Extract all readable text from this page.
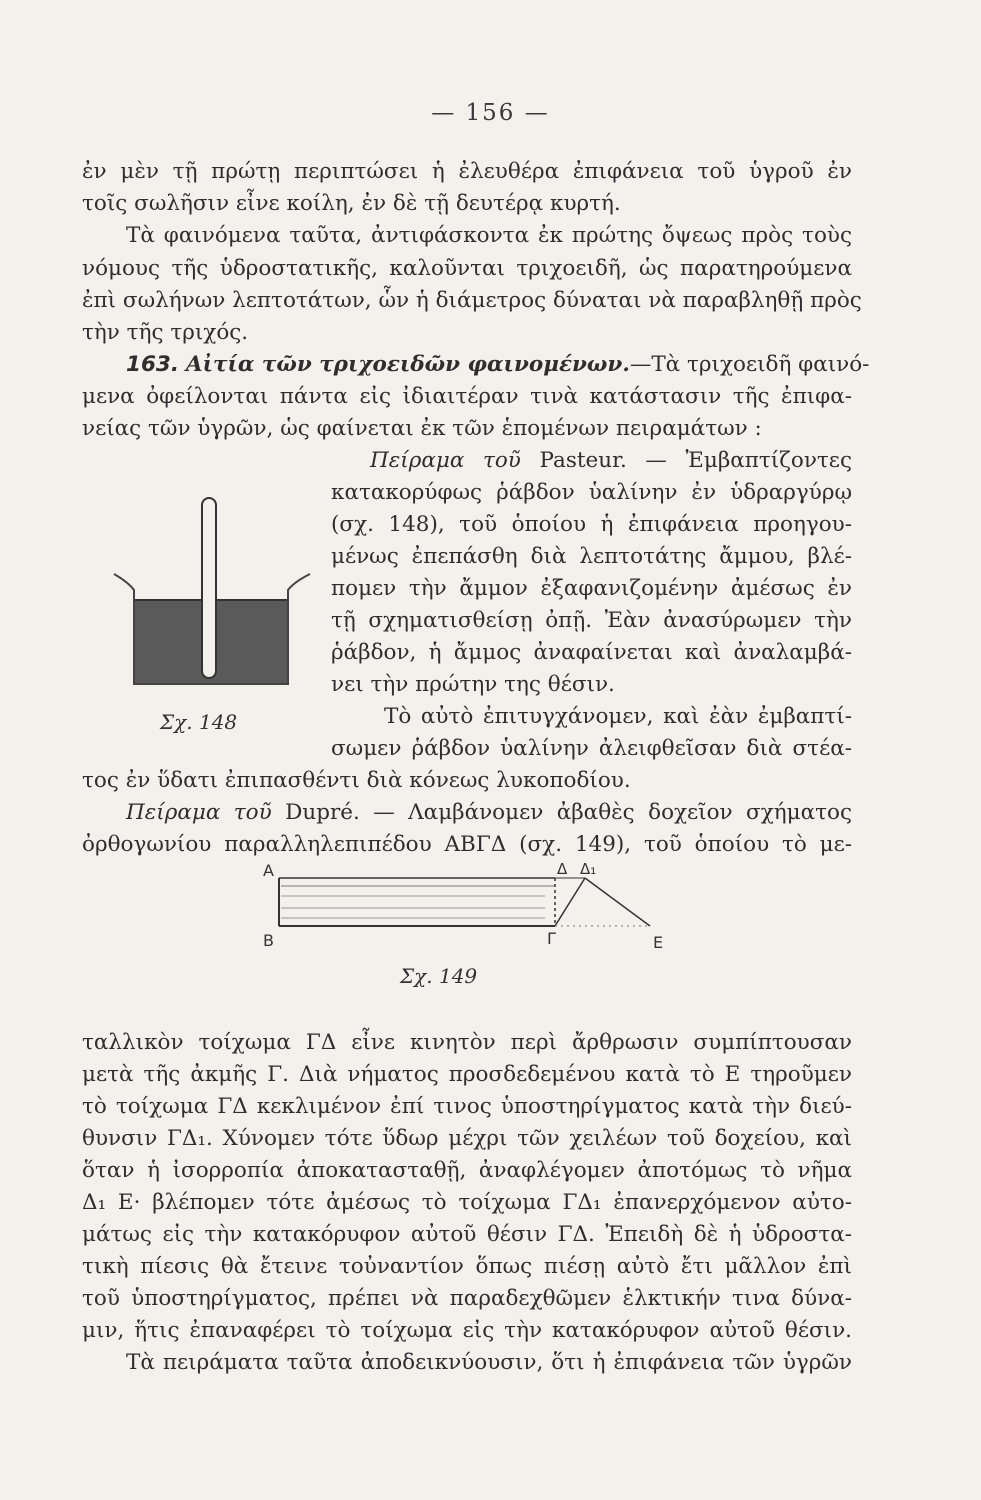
— 156 —
ἐν μὲν τῇ πρώτῃ περιπτώσει ἡ ἐλευθέρα ἐπιφάνεια τοῦ ὑγροῦ ἐν
τοῖς σωλῆσιν εἶνε κοίλη, ἐν δὲ τῇ δευτέρᾳ κυρτή.
Τὰ φαινόμενα ταῦτα, ἀντιφάσκοντα ἐκ πρώτης ὄψεως πρὸς τοὺς
νόμους τῆς ὑδροστατικῆς, καλοῦνται τριχοειδῆ, ὡς παρατηρούμενα
ἐπὶ σωλήνων λεπτοτάτων, ὧν ἡ διάμετρος δύναται νὰ παραβληθῇ πρὸς
τὴν τῆς τριχός.
163. Αἰτία τῶν τριχοειδῶν φαινομένων.—Τὰ τριχοειδῆ φαινό-
μενα ὀφείλονται πάντα εἰς ἰδιαιτέραν τινὰ κατάστασιν τῆς ἐπιφα-
νείας τῶν ὑγρῶν, ὡς φαίνεται ἐκ τῶν ἑπομένων πειραμάτων :
Πείραμα τοῦ Pasteur. — Ἐμβαπτίζοντες
κατακορύφως ῥάβδον ὑαλίνην ἐν ὑδραργύρῳ
(σχ. 148), τοῦ ὁποίου ἡ ἐπιφάνεια προηγου-
μένως ἐπεπάσθη διὰ λεπτοτάτης ἄμμου, βλέ-
πομεν τὴν ἄμμον ἐξαφανιζομένην ἀμέσως ἐν
τῇ σχηματισθείσῃ ὀπῇ. Ἐὰν ἀνασύρωμεν τὴν
ῥάβδον, ἡ ἄμμος ἀναφαίνεται καὶ ἀναλαμβά-
νει τὴν πρώτην της θέσιν.
Τὸ αὐτὸ ἐπιτυγχάνομεν, καὶ ἐὰν ἐμβαπτί-
σωμεν ῥάβδον ὑαλίνην ἀλειφθεῖσαν διὰ στέα-
τος ἐν ὕδατι ἐπιπασθέντι διὰ κόνεως λυκοποδίου.
Σχ. 148
Πείραμα τοῦ Dupré. — Λαμβάνομεν ἀβαθὲς δοχεῖον σχήματος
ὀρθογωνίου παραλληλεπιπέδου ΑΒΓΔ (σχ. 149), τοῦ ὁποίου τὸ με-
A
B	Γ
Δ Δ₁
Ε
Σχ. 149
ταλλικὸν τοίχωμα ΓΔ εἶνε κινητὸν περὶ ἄρθρωσιν συμπίπτουσαν
μετὰ τῆς ἀκμῆς Γ. Διὰ νήματος προσδεδεμένου κατὰ τὸ Ε τηροῦμεν
τὸ τοίχωμα ΓΔ κεκλιμένον ἐπί τινος ὑποστηρίγματος κατὰ τὴν διεύ-
θυνσιν ΓΔ₁. Χύνομεν τότε ὕδωρ μέχρι τῶν χειλέων τοῦ δοχείου, καὶ
ὅταν ἡ ἰσορροπία ἀποκατασταθῇ, ἀναφλέγομεν ἀποτόμως τὸ νῆμα
Δ₁ Ε· βλέπομεν τότε ἀμέσως τὸ τοίχωμα ΓΔ₁ ἐπανερχόμενον αὐτο-
μάτως εἰς τὴν κατακόρυφον αὐτοῦ θέσιν ΓΔ. Ἐπειδὴ δὲ ἡ ὑδροστα-
τικὴ πίεσις θὰ ἔτεινε τοὐναντίον ὅπως πιέσῃ αὐτὸ ἔτι μᾶλλον ἐπὶ
τοῦ ὑποστηρίγματος, πρέπει νὰ παραδεχθῶμεν ἑλκτικήν τινα δύνα-
μιν, ἥτις ἐπαναφέρει τὸ τοίχωμα εἰς τὴν κατακόρυφον αὐτοῦ θέσιν.
Τὰ πειράματα ταῦτα ἀποδεικνύουσιν, ὅτι ἡ ἐπιφάνεια τῶν ὑγρῶν
